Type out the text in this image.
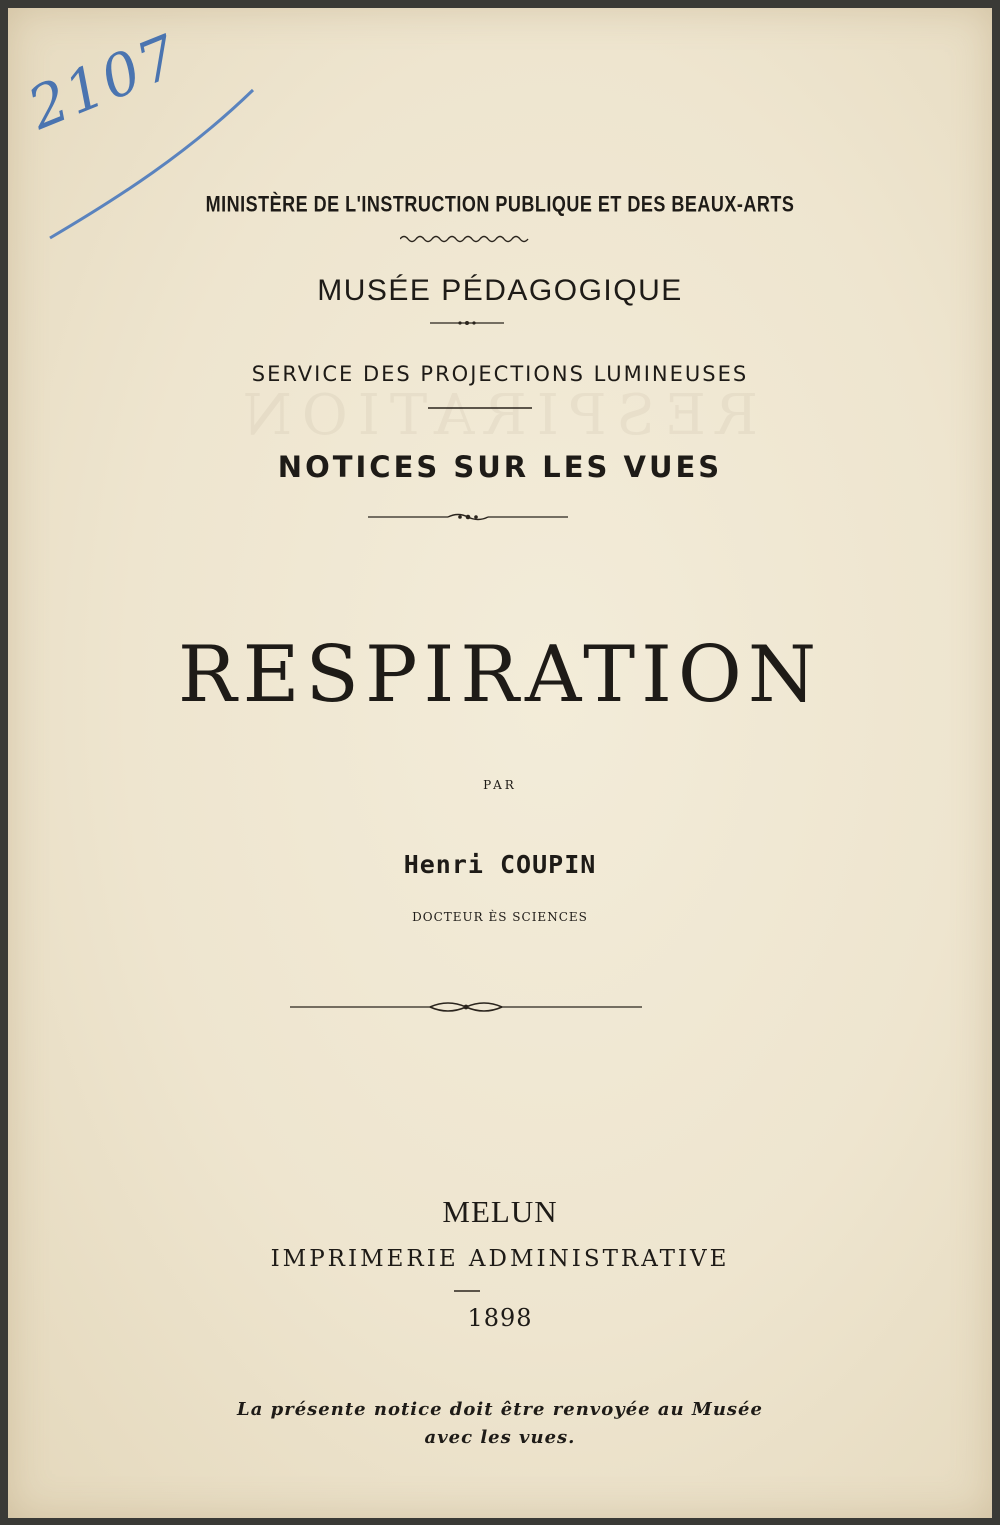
2107
MINISTÈRE DE L'INSTRUCTION PUBLIQUE ET DES BEAUX-ARTS
MUSÉE PÉDAGOGIQUE
SERVICE DES PROJECTIONS LUMINEUSES
RESPIRATION
NOTICES SUR LES VUES
RESPIRATION
PAR
Henri COUPIN
DOCTEUR ÈS SCIENCES
MELUN
IMPRIMERIE ADMINISTRATIVE
1898
La présente notice doit être renvoyée au Musée
avec les vues.
